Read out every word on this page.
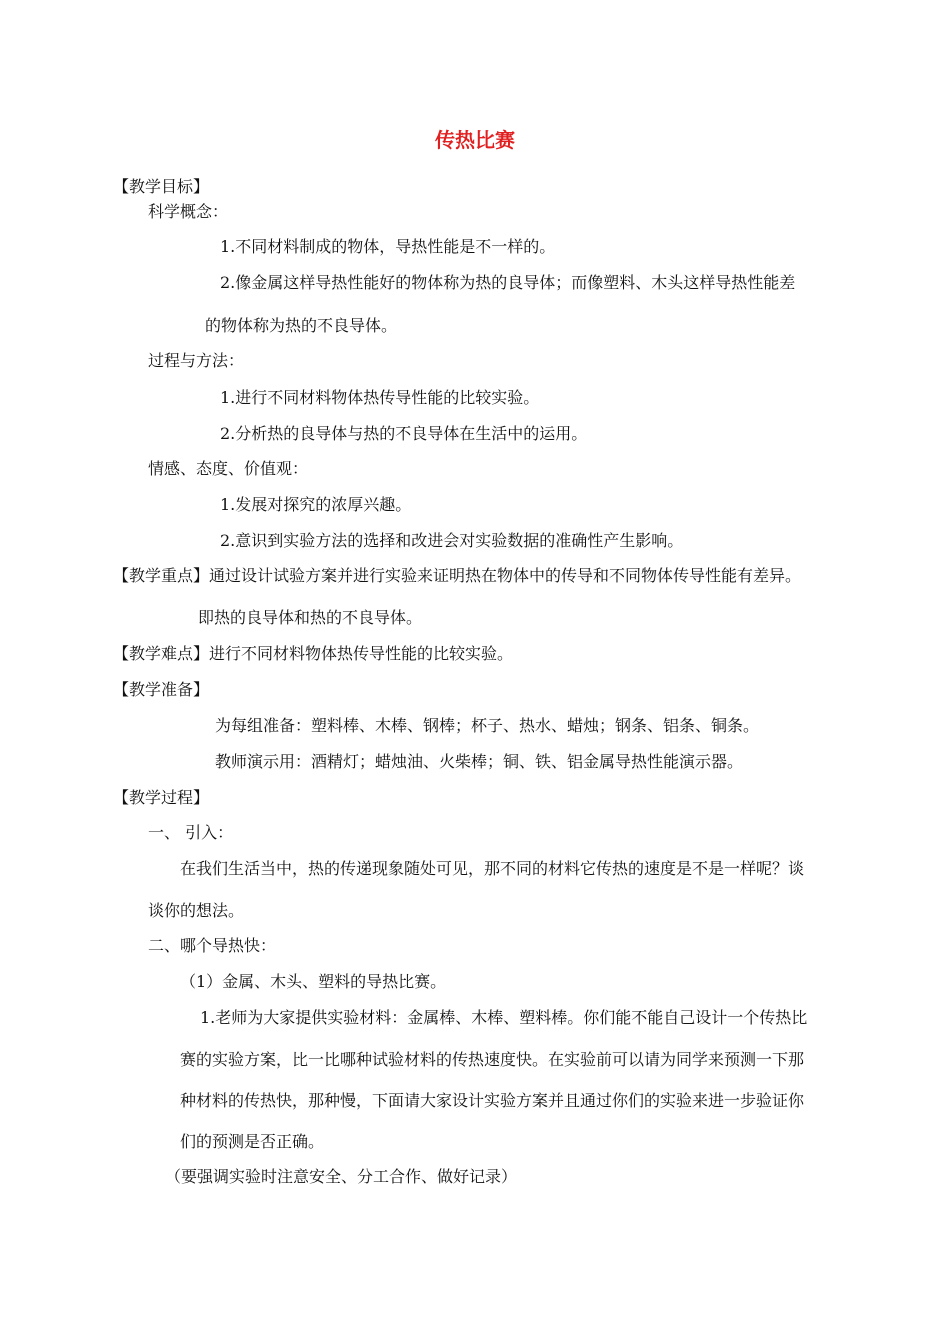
传热比赛
【教学目标】
科学概念：
1.不同材料制成的物体，导热性能是不一样的。
2.像金属这样导热性能好的物体称为热的良导体；而像塑料、木头这样导热性能差
的物体称为热的不良导体。
过程与方法：
1.进行不同材料物体热传导性能的比较实验。
2.分析热的良导体与热的不良导体在生活中的运用。
情感、态度、价值观：
1.发展对探究的浓厚兴趣。
2.意识到实验方法的选择和改进会对实验数据的准确性产生影响。
【教学重点】通过设计试验方案并进行实验来证明热在物体中的传导和不同物体传导性能有差异。
即热的良导体和热的不良导体。
【教学难点】进行不同材料物体热传导性能的比较实验。
【教学准备】
为每组准备：塑料棒、木棒、钢棒；杯子、热水、蜡烛；钢条、铝条、铜条。
教师演示用：酒精灯；蜡烛油、火柴棒；铜、铁、铝金属导热性能演示器。
【教学过程】
一、 引入：
在我们生活当中，热的传递现象随处可见，那不同的材料它传热的速度是不是一样呢？谈
谈你的想法。
二、哪个导热快：
（1）金属、木头、塑料的导热比赛。
1.老师为大家提供实验材料：金属棒、木棒、塑料棒。你们能不能自己设计一个传热比
赛的实验方案，比一比哪种试验材料的传热速度快。在实验前可以请为同学来预测一下那
种材料的传热快，那种慢，下面请大家设计实验方案并且通过你们的实验来进一步验证你
们的预测是否正确。
（要强调实验时注意安全、分工合作、做好记录）
